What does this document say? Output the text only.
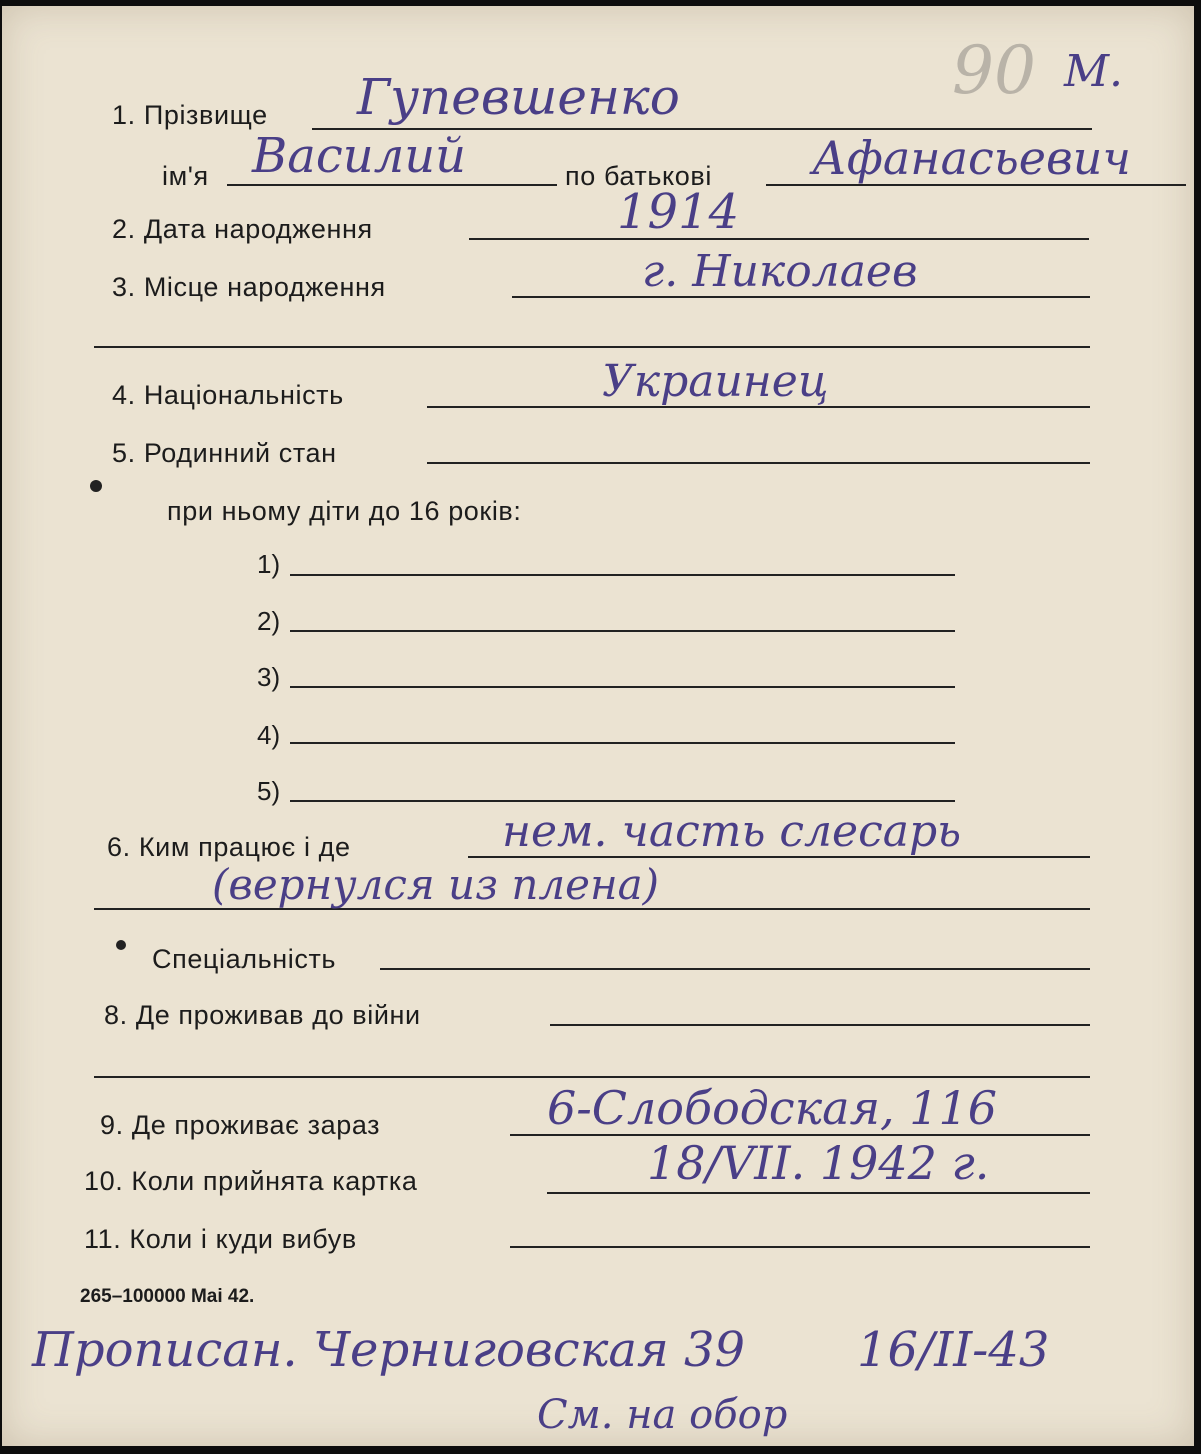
90 М.
1. Прізвище Гупевшенко
ім'я Василий	по батькові Афанасьевич
2. Дата народження	1914
3. Місце народження	г. Николаев
4. Національність	Украинец
5. Родинний стан
при ньому діти до 16 років:
1)
2)
3)
4)
5)
6. Ким працює і де	нем. часть слесарь
(вернулся из плена)
Спеціальність
8. Де проживав до війни
9. Де проживає зараз	6-Слободская, 116
10. Коли прийнята картка	18/VII. 1942 г.
11. Коли і куди вибув
265–100000 Mai 42.
Прописан. Черниговская 39 16/II-43
См. на обор
